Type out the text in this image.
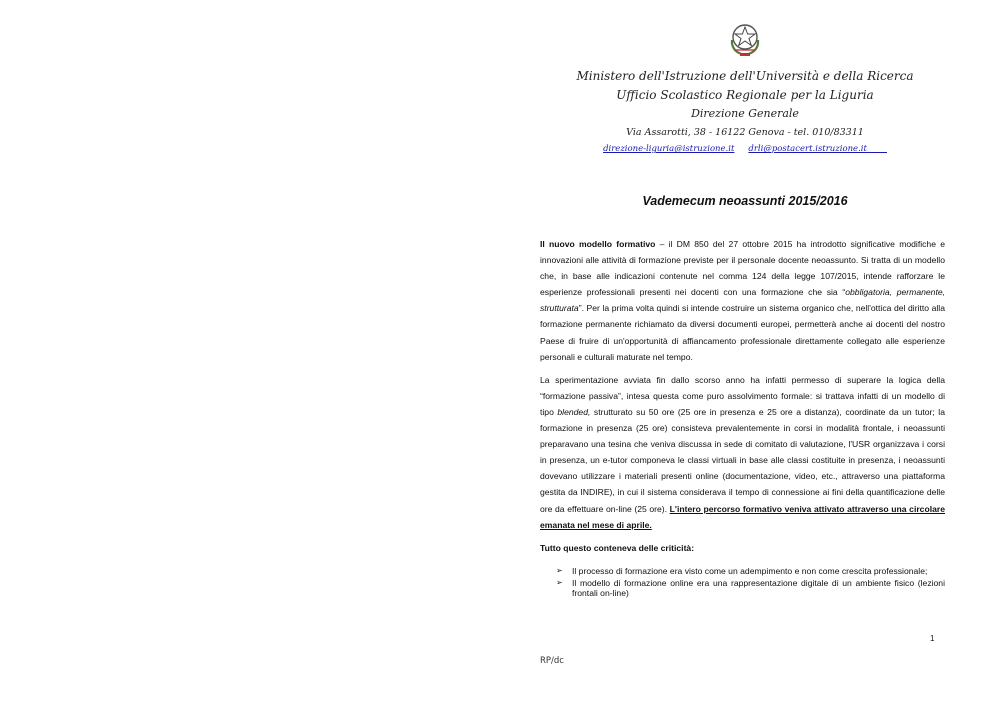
Ministero dell'Istruzione dell'Università e della Ricerca
Ufficio Scolastico Regionale per la Liguria
Direzione Generale
Via Assarotti, 38 - 16122 Genova - tel. 010/83311
direzione-liguria@istruzione.it drli@postacert.istruzione.it
Vademecum neoassunti 2015/2016

Il nuovo modello formativo – il DM 850 del 27 ottobre 2015 ha introdotto significative modifiche e innovazioni alle attività di formazione previste per il personale docente neoassunto. Si tratta di un modello che, in base alle indicazioni contenute nel comma 124 della legge 107/2015, intende rafforzare le esperienze professionali presenti nei docenti con una formazione che sia “obbligatoria, permanente, strutturata”. Per la prima volta quindi si intende costruire un sistema organico che, nell'ottica del diritto alla formazione permanente richiamato da diversi documenti europei, permetterà anche ai docenti del nostro Paese di fruire di un'opportunità di affiancamento professionale direttamente collegato alle esperienze personali e culturali maturate nel tempo.

La sperimentazione avviata fin dallo scorso anno ha infatti permesso di superare la logica della “formazione passiva”, intesa questa come puro assolvimento formale: si trattava infatti di un modello di tipo blended, strutturato su 50 ore (25 ore in presenza e 25 ore a distanza), coordinate da un tutor; la formazione in presenza (25 ore) consisteva prevalentemente in corsi in modalità frontale, i neoassunti preparavano una tesina che veniva discussa in sede di comitato di valutazione, l'USR organizzava i corsi in presenza, un e-tutor componeva le classi virtuali in base alle classi costituite in presenza, i neoassunti dovevano utilizzare i materiali presenti online (documentazione, video, etc., attraverso una piattaforma gestita da INDIRE), in cui il sistema considerava il tempo di connessione ai fini della quantificazione delle ore da effettuare on-line (25 ore). L'intero percorso formativo veniva attivato attraverso una circolare emanata nel mese di aprile.

Tutto questo conteneva delle criticità:
➢ Il processo di formazione era visto come un adempimento e non come crescita professionale;
➢ Il modello di formazione online era una rappresentazione digitale di un ambiente fisico (lezioni frontali on-line)
1
RP/dc
